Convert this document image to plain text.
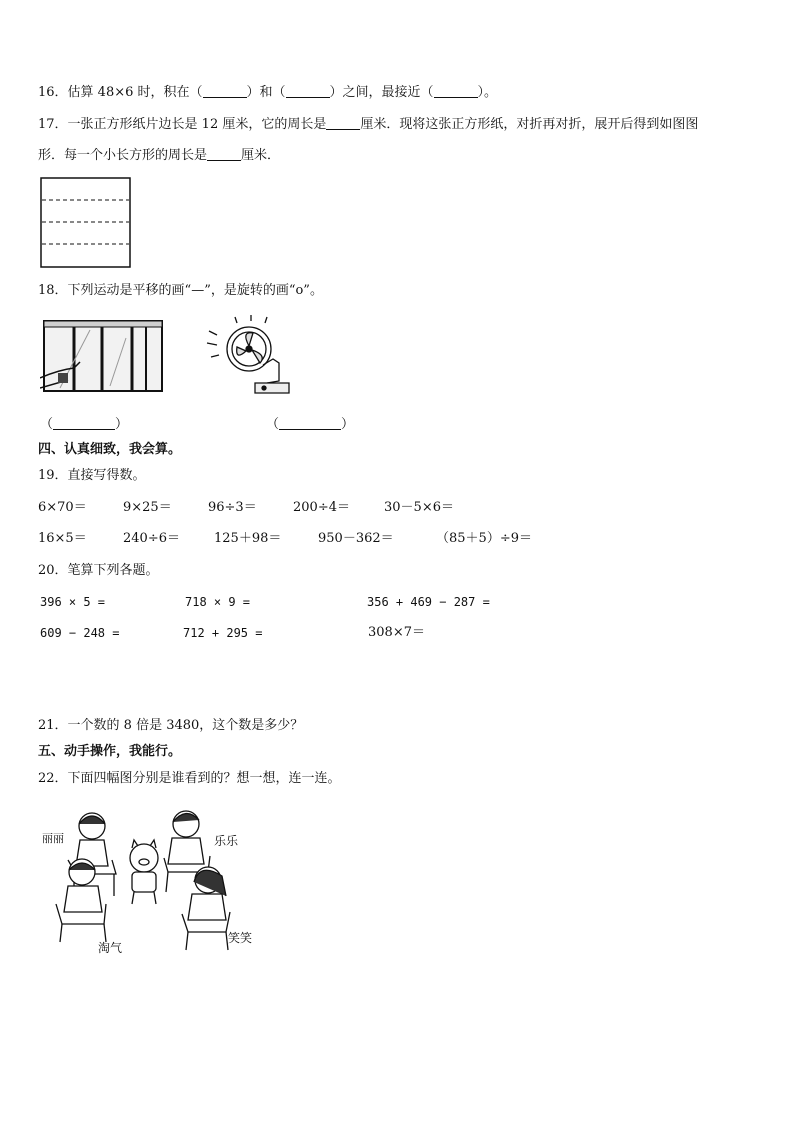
16．估算 48×6 时，积在（	）和（	）之间，最接近（	）。
17．一张正方形纸片边长是 12 厘米，它的周长是	厘米．现将这张正方形纸，对折再对折，展开后得到如图图
形．每一个小长方形的周长是	厘米．
18．下列运动是平移的画“—”，是旋转的画“o”。
（	）	（	）
四、认真细致，我会算。
19．直接写得数。
6×70＝	9×25＝	96÷3＝	200÷4＝	30－5×6＝
16×5＝	240÷6＝	125＋98＝	950－362＝	（85＋5）÷9＝
20．笔算下列各题。
396 × 5 =	718 × 9 =	356 + 469 − 287 =
609 − 248 =	712 + 295 =	308×7＝
21．一个数的 8 倍是 3480，这个数是多少？
五、动手操作，我能行。
22．下面四幅图分别是谁看到的？想一想，连一连。
丽丽	乐乐
淘气
笑笑
